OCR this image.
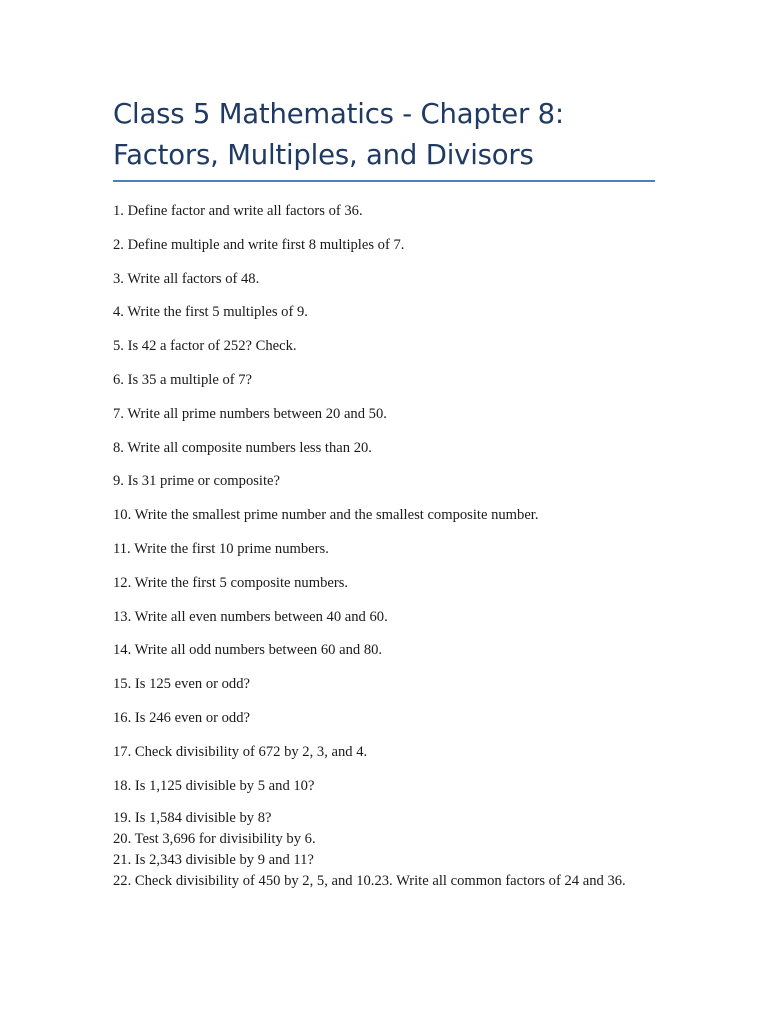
Class 5 Mathematics - Chapter 8:
Factors, Multiples, and Divisors
1. Define factor and write all factors of 36.
2. Define multiple and write first 8 multiples of 7.
3. Write all factors of 48.
4. Write the first 5 multiples of 9.
5. Is 42 a factor of 252? Check.
6. Is 35 a multiple of 7?
7. Write all prime numbers between 20 and 50.
8. Write all composite numbers less than 20.
9. Is 31 prime or composite?
10. Write the smallest prime number and the smallest composite number.
11. Write the first 10 prime numbers.
12. Write the first 5 composite numbers.
13. Write all even numbers between 40 and 60.
14. Write all odd numbers between 60 and 80.
15. Is 125 even or odd?
16. Is 246 even or odd?
17. Check divisibility of 672 by 2, 3, and 4.
18. Is 1,125 divisible by 5 and 10?
19. Is 1,584 divisible by 8?
20. Test 3,696 for divisibility by 6.
21. Is 2,343 divisible by 9 and 11?
22. Check divisibility of 450 by 2, 5, and 10.23. Write all common factors of 24 and 36.
